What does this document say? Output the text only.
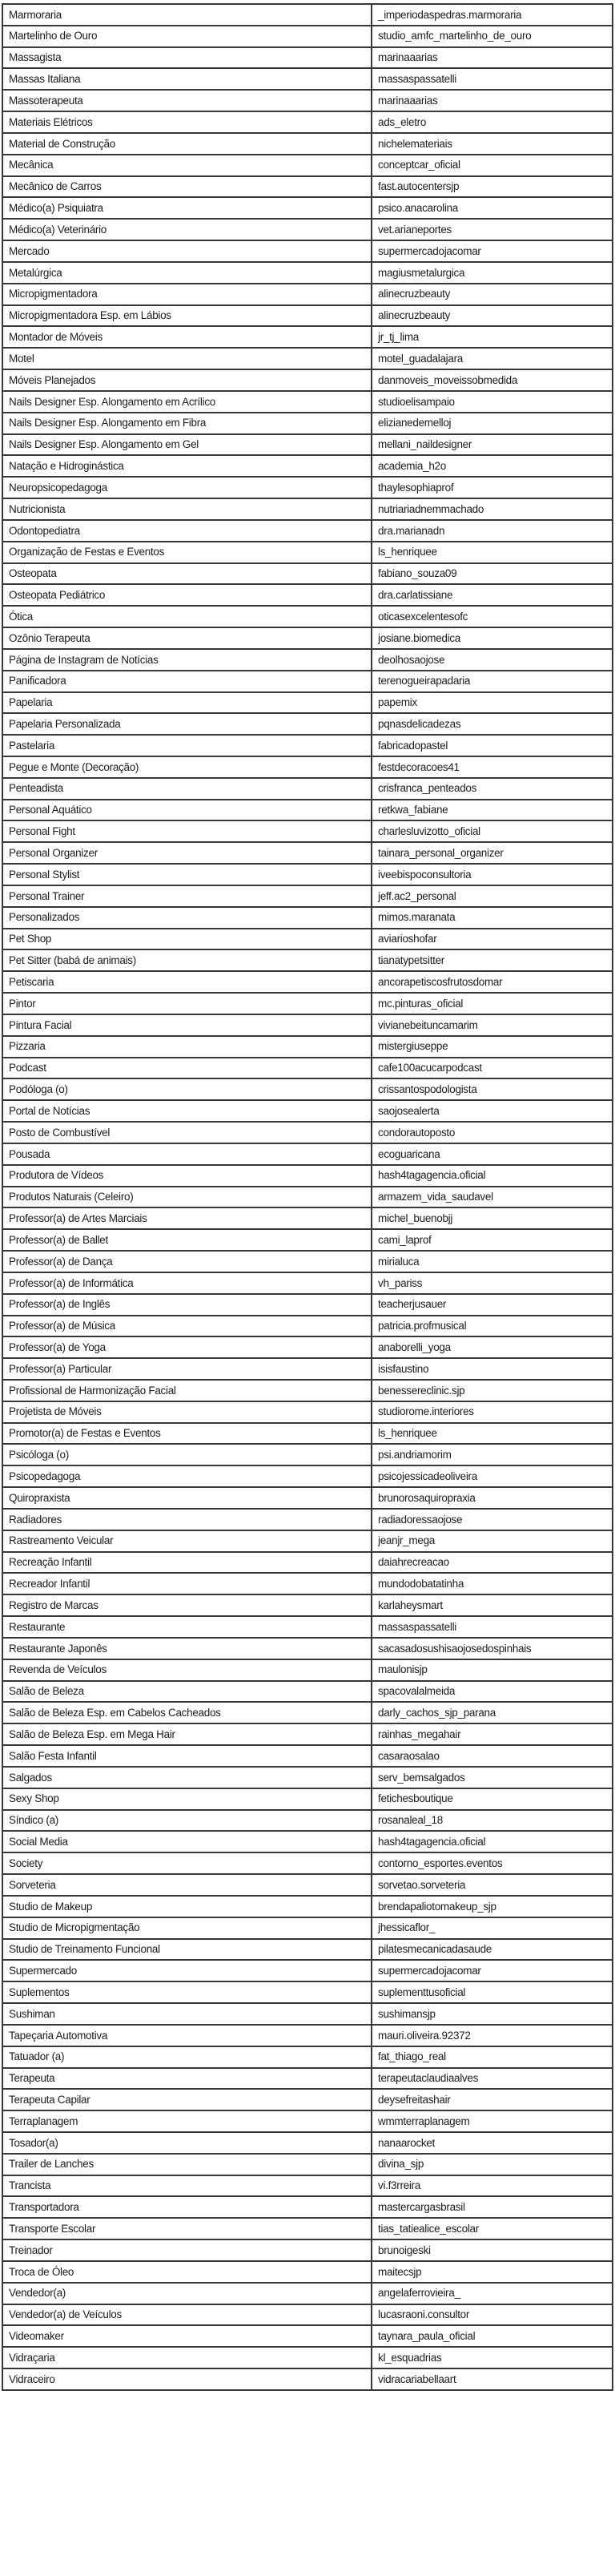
Marmoraria	_imperiodaspedras.marmoraria
Martelinho de Ouro	studio_amfc_martelinho_de_ouro
Massagista	marinaaarias
Massas Italiana	massaspassatelli
Massoterapeuta	marinaaarias
Materiais Elétricos	ads_eletro
Material de Construção	nichelemateriais
Mecânica	conceptcar_oficial
Mecânico de Carros	fast.autocentersjp
Médico(a) Psiquiatra	psico.anacarolina
Médico(a) Veterinário	vet.arianeportes
Mercado	supermercadojacomar
Metalúrgica	magiusmetalurgica
Micropigmentadora	alinecruzbeauty
Micropigmentadora Esp. em Lábios	alinecruzbeauty
Montador de Móveis	jr_tj_lima
Motel	motel_guadalajara
Móveis Planejados	danmoveis_moveissobmedida
Nails Designer Esp. Alongamento em Acrílico	studioelisampaio
Nails Designer Esp. Alongamento em Fibra	elizianedemelloj
Nails Designer Esp. Alongamento em Gel	mellani_naildesigner
Natação e Hidroginástica	academia_h2o
Neuropsicopedagoga	thaylesophiaprof
Nutricionista	nutriariadnemmachado
Odontopediatra	dra.marianadn
Organização de Festas e Eventos	ls_henriquee
Osteopata	fabiano_souza09
Osteopata Pediátrico	dra.carlatissiane
Ótica	oticasexcelentesofc
Ozônio Terapeuta	josiane.biomedica
Página de Instagram de Notícias	deolhosaojose
Panificadora	terenogueirapadaria
Papelaria	papemix
Papelaria Personalizada	pqnasdelicadezas
Pastelaria	fabricadopastel
Pegue e Monte (Decoração)	festdecoracoes41
Penteadista	crisfranca_penteados
Personal Aquático	retkwa_fabiane
Personal Fight	charlesluvizotto_oficial
Personal Organizer	tainara_personal_organizer
Personal Stylist	iveebispoconsultoria
Personal Trainer	jeff.ac2_personal
Personalizados	mimos.maranata
Pet Shop	aviarioshofar
Pet Sitter (babá de animais)	tianatypetsitter
Petiscaria	ancorapetiscosfrutosdomar
Pintor	mc.pinturas_oficial
Pintura Facial	vivianebeituncamarim
Pizzaria	mistergiuseppe
Podcast	cafe100acucarpodcast
Podóloga (o)	crissantospodologista
Portal de Notícias	saojosealerta
Posto de Combustível	condorautoposto
Pousada	ecoguaricana
Produtora de Vídeos	hash4tagagencia.oficial
Produtos Naturais (Celeiro)	armazem_vida_saudavel
Professor(a) de Artes Marciais	michel_buenobjj
Professor(a) de Ballet	cami_laprof
Professor(a) de Dança	mirialuca
Professor(a) de Informática	vh_pariss
Professor(a) de Inglês	teacherjusauer
Professor(a) de Música	patricia.profmusical
Professor(a) de Yoga	anaborelli_yoga
Professor(a) Particular	isisfaustino
Profissional de Harmonização Facial	benessereclinic.sjp
Projetista de Móveis	studiorome.interiores
Promotor(a) de Festas e Eventos	ls_henriquee
Psicóloga (o)	psi.andriamorim
Psicopedagoga	psicojessicadeoliveira
Quiropraxista	brunorosaquiropraxia
Radiadores	radiadoressaojose
Rastreamento Veicular	jeanjr_mega
Recreação Infantil	daiahrecreacao
Recreador Infantil	mundodobatatinha
Registro de Marcas	karlaheysmart
Restaurante	massaspassatelli
Restaurante Japonês	sacasadosushisaojosedospinhais
Revenda de Veículos	maulonisjp
Salão de Beleza	spacovalalmeida
Salão de Beleza Esp. em Cabelos Cacheados	darly_cachos_sjp_parana
Salão de Beleza Esp. em Mega Hair	rainhas_megahair
Salão Festa Infantil	casaraosalao
Salgados	serv_bemsalgados
Sexy Shop	fetichesboutique
Síndico (a)	rosanaleal_18
Social Media	hash4tagagencia.oficial
Society	contorno_esportes.eventos
Sorveteria	sorvetao.sorveteria
Studio de Makeup	brendapaliotomakeup_sjp
Studio de Micropigmentação	jhessicaflor_
Studio de Treinamento Funcional	pilatesmecanicadasaude
Supermercado	supermercadojacomar
Suplementos	suplementtusoficial
Sushiman	sushimansjp
Tapeçaria Automotiva	mauri.oliveira.92372
Tatuador (a)	fat_thiago_real
Terapeuta	terapeutaclaudiaalves
Terapeuta Capilar	deysefreitashair
Terraplanagem	wmmterraplanagem
Tosador(a)	nanaarocket
Trailer de Lanches	divina_sjp
Trancista	vi.f3rreira
Transportadora	mastercargasbrasil
Transporte Escolar	tias_tatiealice_escolar
Treinador	brunoigeski
Troca de Óleo	maitecsjp
Vendedor(a)	angelaferrovieira_
Vendedor(a) de Veículos	lucasraoni.consultor
Videomaker	taynara_paula_oficial
Vidraçaria	kl_esquadrias
Vidraceiro	vidracariabellaart
